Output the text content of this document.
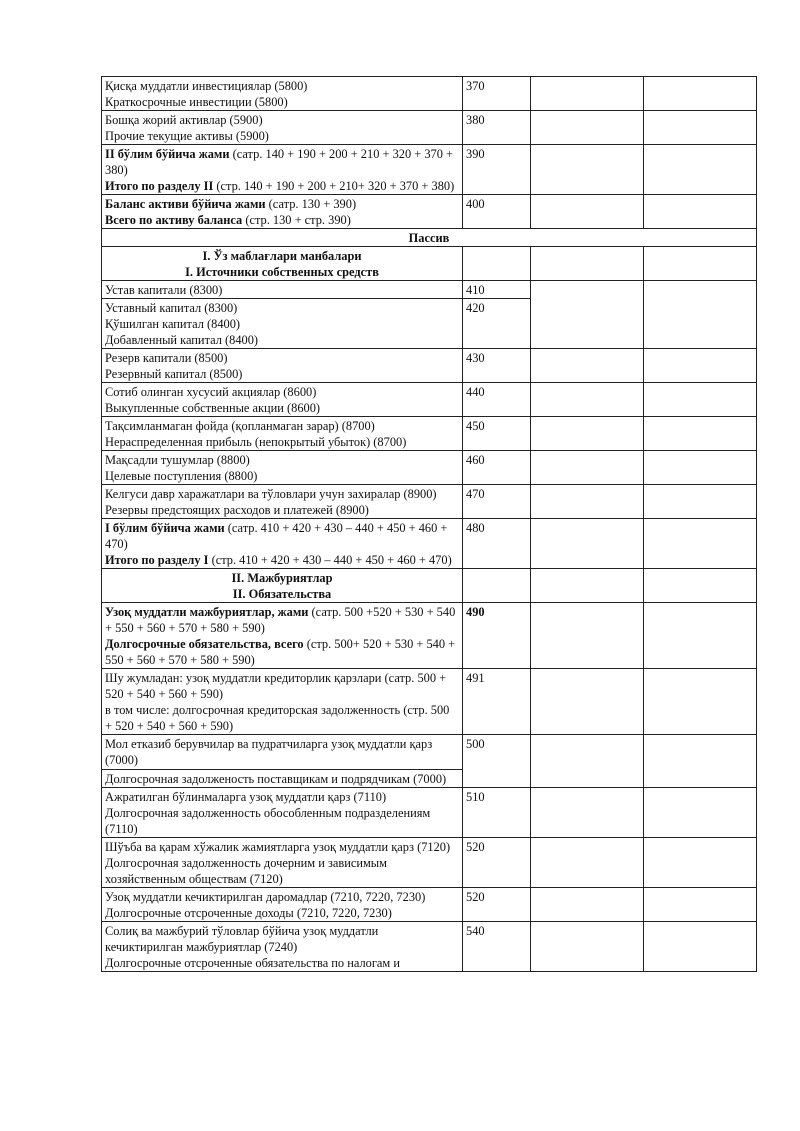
Қисқа муддатли инвестициялар (5800)
Краткосрочные инвестиции (5800)	370		

Бошқа жорий активлар (5900)
Прочие текущие активы (5900)	380		

II бўлим бўйича жами (сатр. 140 + 190 + 200 + 210 + 320 + 370 + 380)
Итого по разделу II (стр. 140 + 190 + 200 + 210+ 320 + 370 + 380)	390		

Баланс активи бўйича жами (сатр. 130 + 390)
Всего по активу баланса (стр. 130 + стр. 390)	400		
Пассив			

I. Ўз маблағлари манбалари
I. Источники собственных средств			

Устав капитали (8300)	410		

Уставный капитал (8300)
Қўшилган капитал (8400)
Добавленный капитал (8400)	420		

Резерв капитали (8500)
Резервный капитал (8500)	430		

Сотиб олинган хусусий акциялар (8600)
Выкупленные собственные акции (8600)	440		

Тақсимланмаган фойда (қопланмаган зарар) (8700)
Нераспределенная прибыль (непокрытый убыток) (8700)	450		

Мақсадли тушумлар (8800)
Целевые поступления (8800)	460		

Келгуси давр харажатлари ва тўловлари учун захиралар (8900)
Резервы предстоящих расходов и платежей (8900)	470		

I бўлим бўйича жами (сатр. 410 + 420 + 430 – 440 + 450 + 460 + 470)
Итого по разделу I (стр. 410 + 420 + 430 – 440 + 450 + 460 + 470)	480		

II. Мажбуриятлар
II. Обязательства			

Узоқ муддатли мажбуриятлар, жами (сатр. 500 +520 + 530 + 540 + 550 + 560 + 570 + 580 + 590)
Долгосрочные обязательства, всего (стр. 500+ 520 + 530 + 540 + 550 + 560 + 570 + 580 + 590)	490		

Шу жумладан: узоқ муддатли кредиторлик қарзлари (сатр. 500 + 520 + 540 + 560 + 590)
в том числе: долгосрочная кредиторская задолженность (стр. 500 + 520 + 540 + 560 + 590)	491		

Мол етказиб берувчилар ва пудратчиларга узоқ муддатли қарз (7000)
Долгосрочная задолженость поставщикам и подрядчикам (7000)	500		

Ажратилган бўлинмаларга узоқ муддатли қарз (7110)
Долгосрочная задолженность обособленным подразделениям (7110)	510		

Шўъба ва қарам хўжалик жамиятларга узоқ муддатли қарз (7120)
Долгосрочная задолженность дочерним и зависимым хозяйственным обществам (7120)	520		

Узоқ муддатли кечиктирилган даромадлар (7210, 7220, 7230)
Долгосрочные отсроченные доходы (7210, 7220, 7230)	520		

Солиқ ва мажбурий тўловлар бўйича узоқ муддатли кечиктирилган мажбуриятлар (7240)
Долгосрочные отсроченные обязательства по налогам и	540		
